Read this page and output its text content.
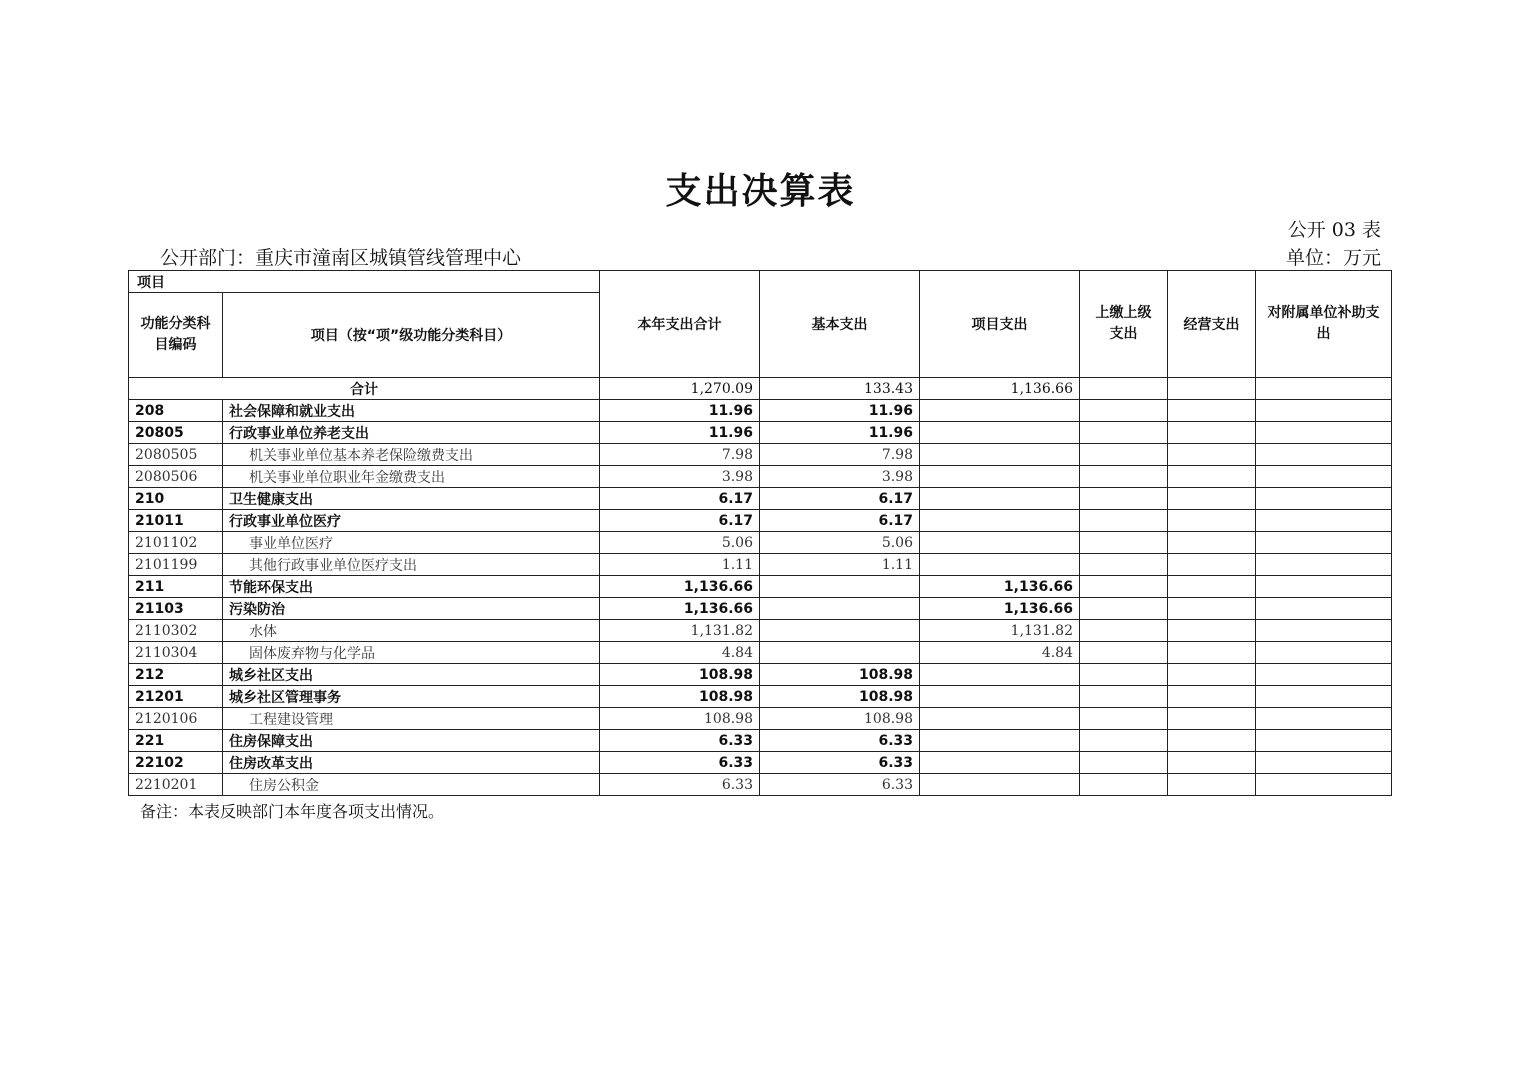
支出决算表
公开 03 表
公开部门：重庆市潼南区城镇管线管理中心	单位：万元
项目		本年支出合计	基本支出	项目支出	上缴上级支出	经营支出	对附属单位补助支出
功能分类科目编码	项目（按“项”级功能分类科目）						
合计		1,270.09	133.43	1,136.66			
208	社会保障和就业支出	11.96	11.96				
20805	行政事业单位养老支出	11.96	11.96				
2080505	机关事业单位基本养老保险缴费支出	7.98	7.98				
2080506	机关事业单位职业年金缴费支出	3.98	3.98				
210	卫生健康支出	6.17	6.17				
21011	行政事业单位医疗	6.17	6.17				
2101102	事业单位医疗	5.06	5.06				
2101199	其他行政事业单位医疗支出	1.11	1.11				
211	节能环保支出	1,136.66		1,136.66			
21103	污染防治	1,136.66		1,136.66			
2110302	水体	1,131.82		1,131.82			
2110304	固体废弃物与化学品	4.84		4.84			
212	城乡社区支出	108.98	108.98				
21201	城乡社区管理事务	108.98	108.98				
2120106	工程建设管理	108.98	108.98				
221	住房保障支出	6.33	6.33				
22102	住房改革支出	6.33	6.33				
2210201	住房公积金	6.33	6.33				
备注：本表反映部门本年度各项支出情况。
